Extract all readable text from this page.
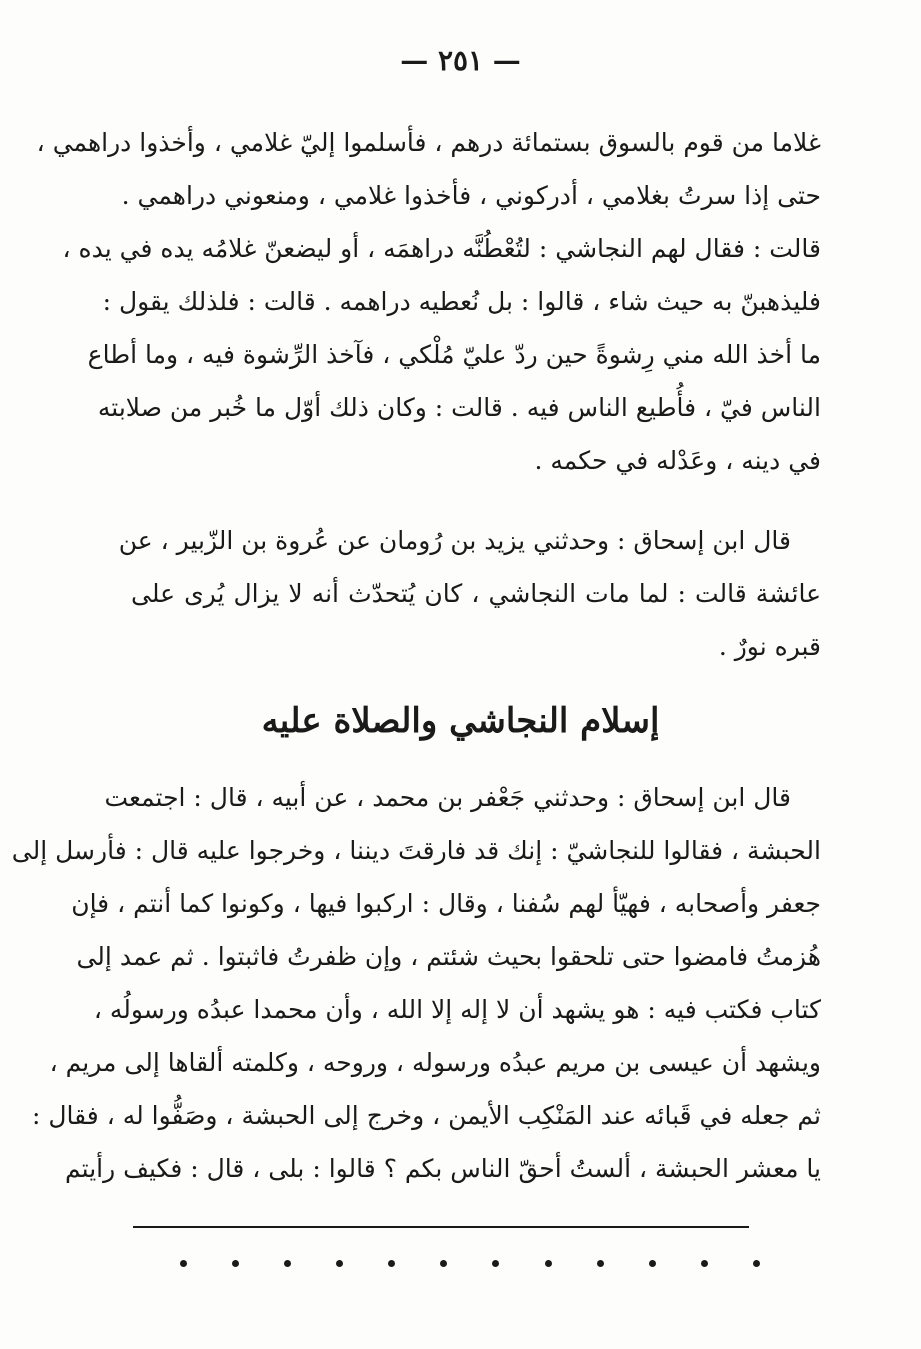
— ٢٥١ —
غلاما من قوم بالسوق بستمائة درهم ، فأسلموا إليّ غلامي ، وأخذوا دراهمي ،
حتى إذا سرتُ بغلامي ، أدركوني ، فأخذوا غلامي ، ومنعوني دراهمي .
قالت : فقال لهم النجاشي : لتُعْطُنَّه دراهمَه ، أو ليضعنّ غلامُه يده في يده ،
فليذهبنّ به حيث شاء ، قالوا : بل نُعطيه دراهمه . قالت : فلذلك يقول :
ما أخذ الله مني رِشوةً حين ردّ عليّ مُلْكي ، فآخذ الرِّشوة فيه ، وما أطاع
الناس فيّ ، فأُطيع الناس فيه . قالت : وكان ذلك أوّل ما خُبر من صلابته
في دينه ، وعَدْله في حكمه .
قال ابن إسحاق : وحدثني يزيد بن رُومان عن عُروة بن الزّبير ، عن
عائشة قالت : لما مات النجاشي ، كان يُتحدّث أنه لا يزال يُرى على
قبره نورٌ .
إسلام النجاشي والصلاة عليه
قال ابن إسحاق : وحدثني جَعْفر بن محمد ، عن أبيه ، قال : اجتمعت
الحبشة ، فقالوا للنجاشيّ : إنك قد فارقتَ ديننا ، وخرجوا عليه قال : فأرسل إلى
جعفر وأصحابه ، فهيّأ لهم سُفنا ، وقال : اركبوا فيها ، وكونوا كما أنتم ، فإن
هُزمتُ فامضوا حتى تلحقوا بحيث شئتم ، وإن ظفرتُ فاثبتوا . ثم عمد إلى
كتاب فكتب فيه : هو يشهد أن لا إله إلا الله ، وأن محمدا عبدُه ورسولُه ،
ويشهد أن عيسى بن مريم عبدُه ورسوله ، وروحه ، وكلمته ألقاها إلى مريم ،
ثم جعله في قَبائه عند المَنْكِب الأيمن ، وخرج إلى الحبشة ، وصَفُّوا له ، فقال :
يا معشر الحبشة ، ألستُ أحقّ الناس بكم ؟ قالوا : بلى ، قال : فكيف رأيتم
